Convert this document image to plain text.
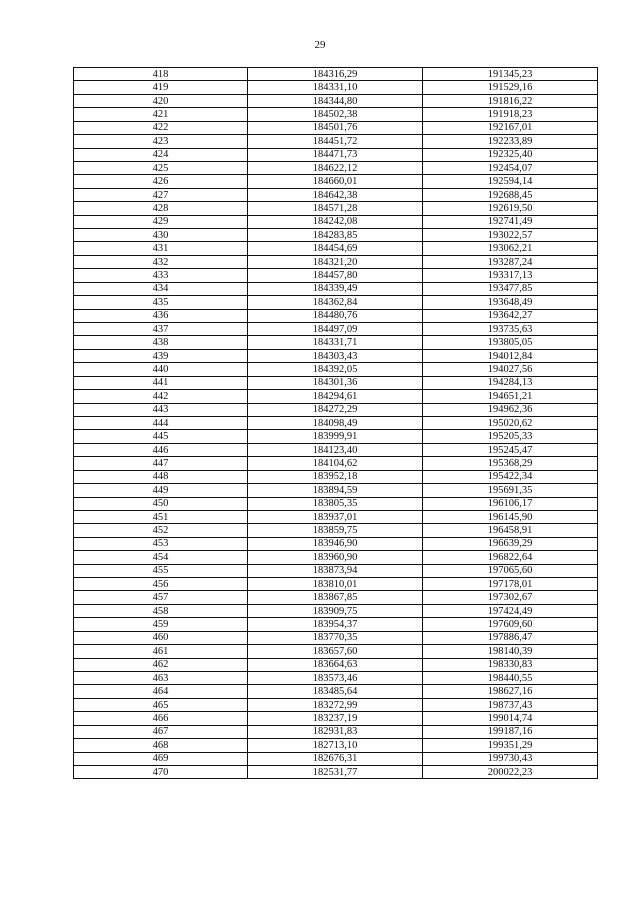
29
418	184316,29	191345,23
419	184331,10	191529,16
420	184344,80	191816,22
421	184502,38	191918,23
422	184501,76	192167,01
423	184451,72	192233,89
424	184471,73	192325,40
425	184622,12	192454,07
426	184660,01	192594,14
427	184642,38	192688,45
428	184571,28	192619,50
429	184242,08	192741,49
430	184283,85	193022,57
431	184454,69	193062,21
432	184321,20	193287,24
433	184457,80	193317,13
434	184339,49	193477,85
435	184362,84	193648,49
436	184480,76	193642,27
437	184497,09	193735,63
438	184331,71	193805,05
439	184303,43	194012,84
440	184392,05	194027,56
441	184301,36	194284,13
442	184294,61	194651,21
443	184272,29	194962,36
444	184098,49	195020,62
445	183999,91	195205,33
446	184123,40	195245,47
447	184104,62	195368,29
448	183952,18	195422,34
449	183894,59	195691,35
450	183805,35	196106,17
451	183937,01	196145,90
452	183859,75	196458,91
453	183946,90	196639,29
454	183960,90	196822,64
455	183873,94	197065,60
456	183810,01	197178,01
457	183867,85	197302,67
458	183909,75	197424,49
459	183954,37	197609,60
460	183770,35	197886,47
461	183657,60	198140,39
462	183664,63	198330,83
463	183573,46	198440,55
464	183485,64	198627,16
465	183272,99	198737,43
466	183237,19	199014,74
467	182931,83	199187,16
468	182713,10	199351,29
469	182676,31	199730,43
470	182531,77	200022,23
